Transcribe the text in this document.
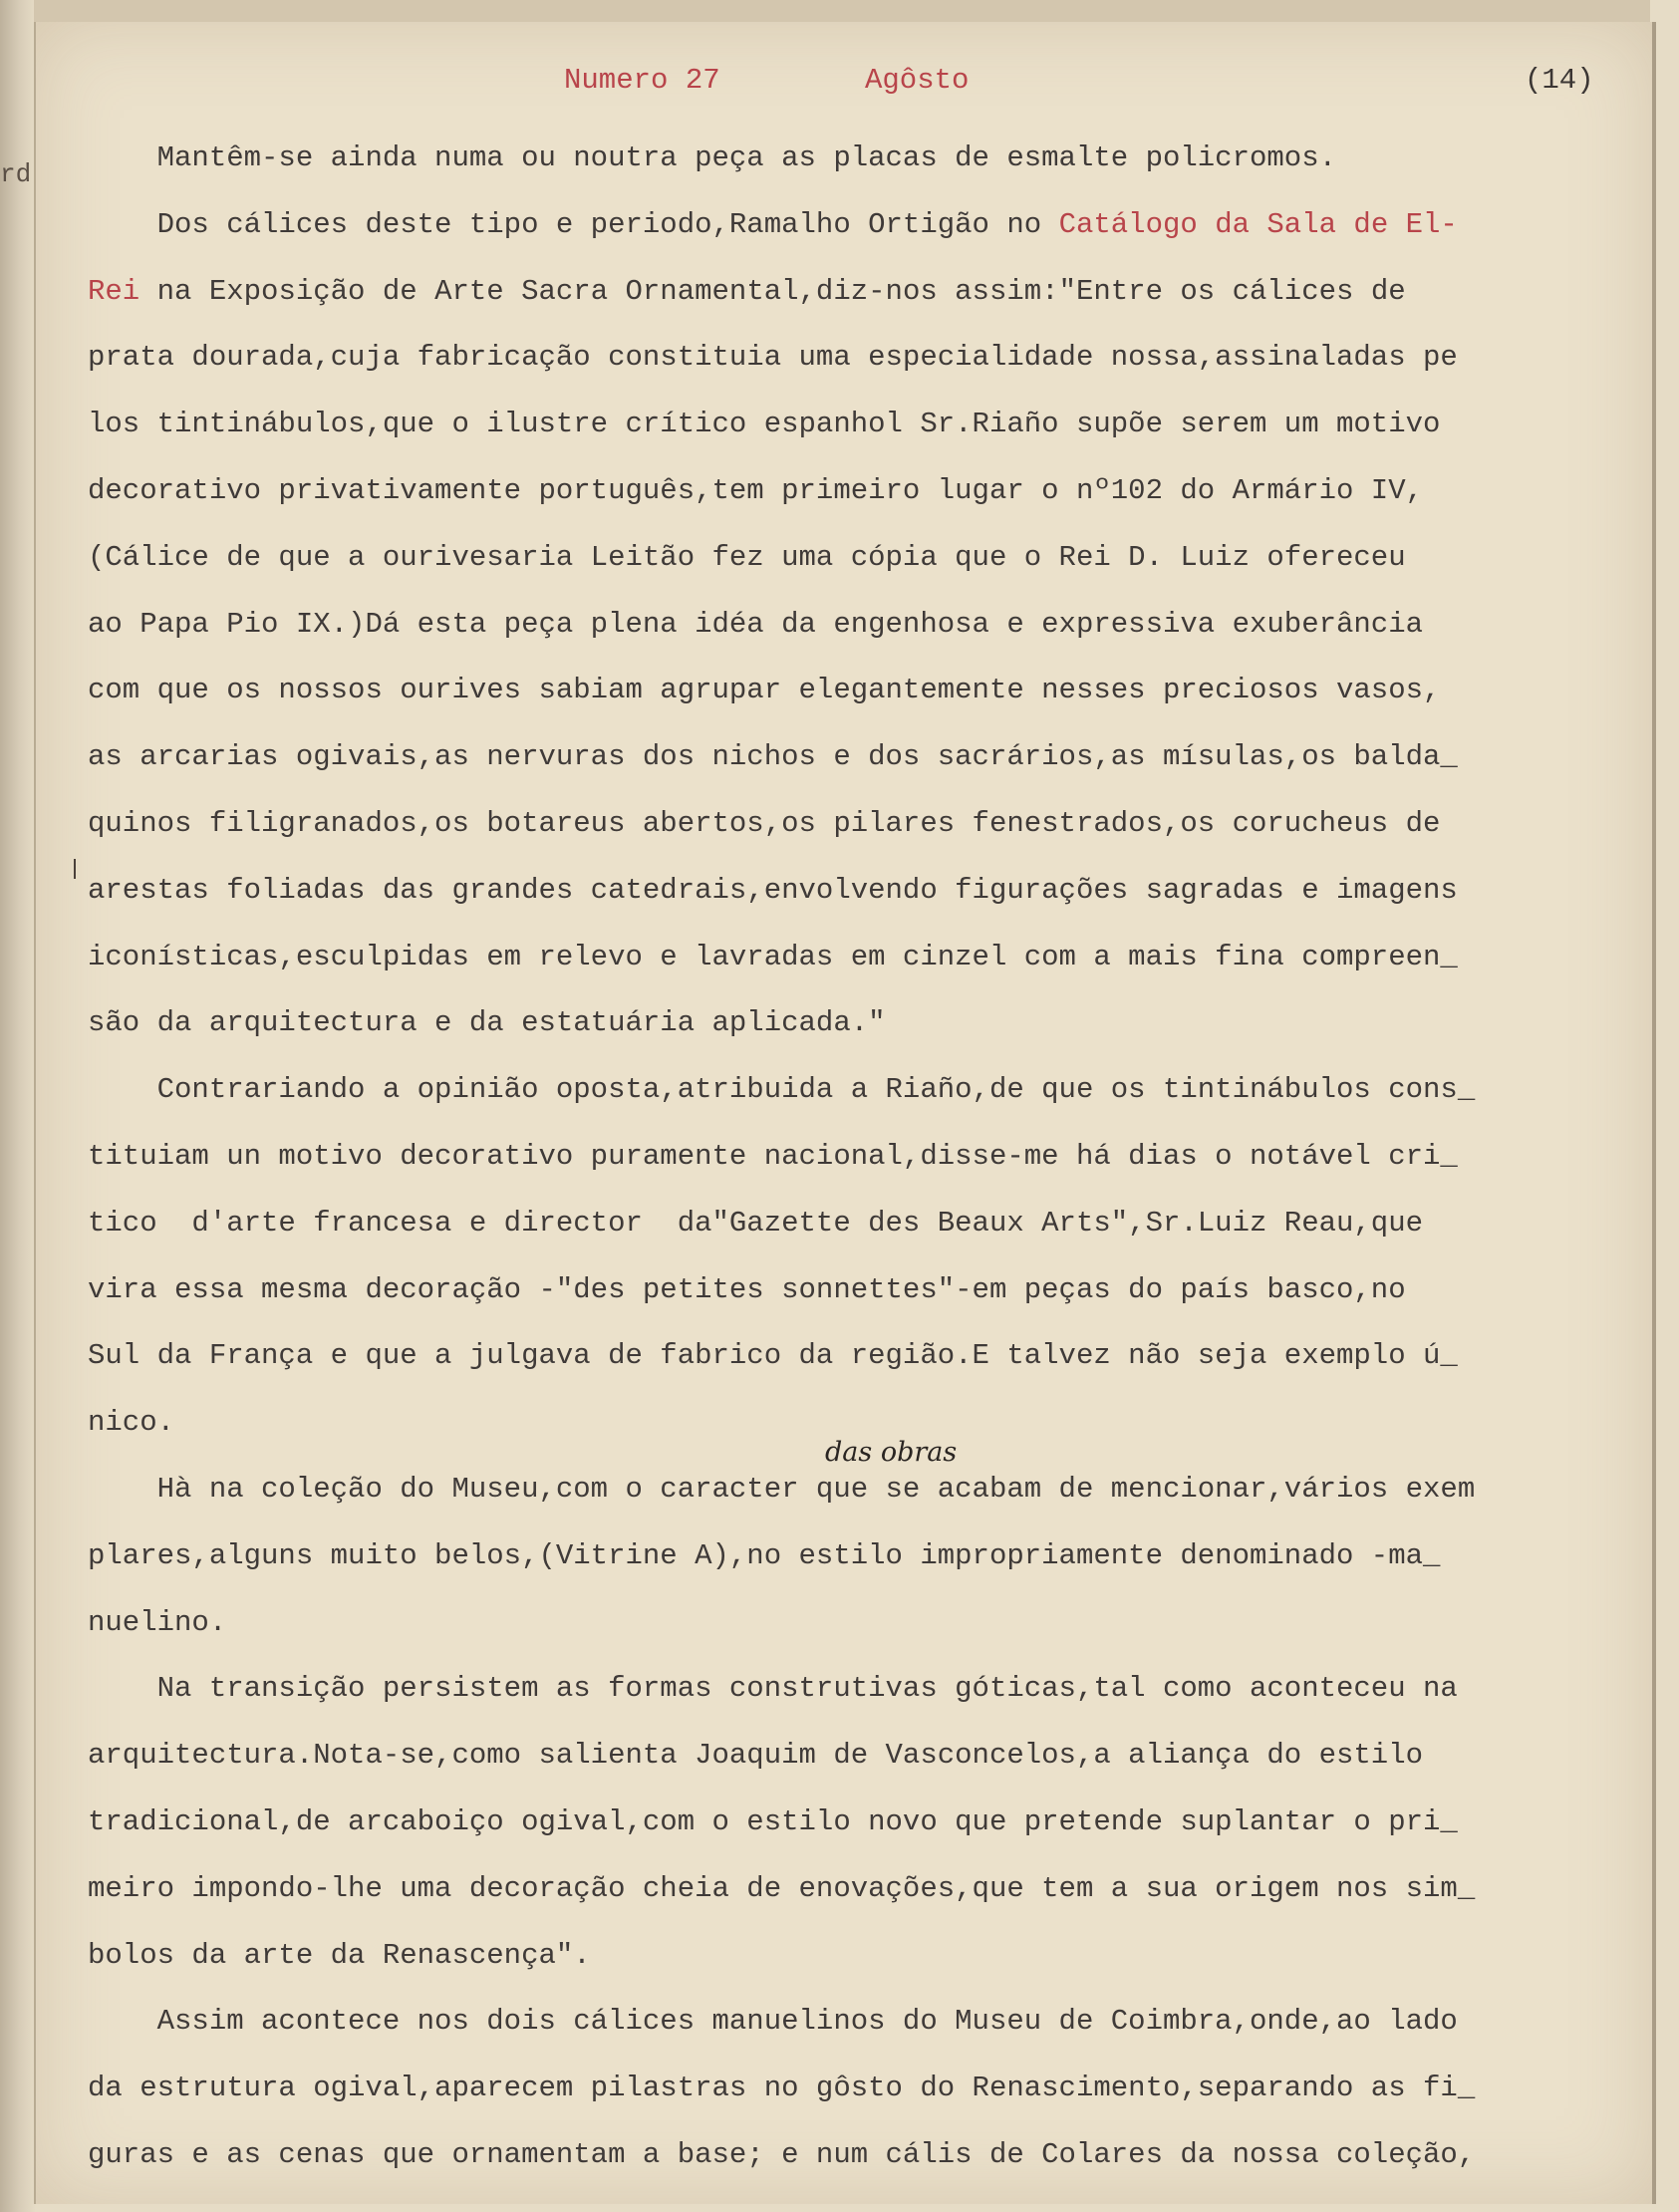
rd
Numero 27	Agôsto	(14)
das obras
Mantêm-se ainda numa ou noutra peça as placas de esmalte policromos.
Dos cálices deste tipo e periodo,Ramalho Ortigão no Catálogo da Sala de El-
Rei na Exposição de Arte Sacra Ornamental,diz-nos assim:"Entre os cálices de
prata dourada,cuja fabricação constituia uma especialidade nossa,assinaladas pe
los tintinábulos,que o ilustre crítico espanhol Sr.Riaño supõe serem um motivo
decorativo privativamente português,tem primeiro lugar o nº102 do Armário IV,
(Cálice de que a ourivesaria Leitão fez uma cópia que o Rei D. Luiz ofereceu
ao Papa Pio IX.)Dá esta peça plena idéa da engenhosa e expressiva exuberância
com que os nossos ourives sabiam agrupar elegantemente nesses preciosos vasos,
as arcarias ogivais,as nervuras dos nichos e dos sacrários,as mísulas,os balda_
quinos filigranados,os botareus abertos,os pilares fenestrados,os corucheus de
arestas foliadas das grandes catedrais,envolvendo figurações sagradas e imagens
iconísticas,esculpidas em relevo e lavradas em cinzel com a mais fina compreen_
são da arquitectura e da estatuária aplicada."
Contrariando a opinião oposta,atribuida a Riaño,de que os tintinábulos cons_
tituiam un motivo decorativo puramente nacional,disse-me há dias o notável cri_
tico  d'arte francesa e director  da"Gazette des Beaux Arts",Sr.Luiz Reau,que
vira essa mesma decoração -"des petites sonnettes"-em peças do país basco,no
Sul da França e que a julgava de fabrico da região.E talvez não seja exemplo ú_
nico.
Hà na coleção do Museu,com o caracter que se acabam de mencionar,vários exem
plares,alguns muito belos,(Vitrine A),no estilo impropriamente denominado -ma_
nuelino.
Na transição persistem as formas construtivas góticas,tal como aconteceu na
arquitectura.Nota-se,como salienta Joaquim de Vasconcelos,a aliança do estilo
tradicional,de arcaboiço ogival,com o estilo novo que pretende suplantar o pri_
meiro impondo-lhe uma decoração cheia de enovações,que tem a sua origem nos sim_
bolos da arte da Renascença".
Assim acontece nos dois cálices manuelinos do Museu de Coimbra,onde,ao lado
da estrutura ogival,aparecem pilastras no gôsto do Renascimento,separando as fi_
guras e as cenas que ornamentam a base; e num cális de Colares da nossa coleção,
